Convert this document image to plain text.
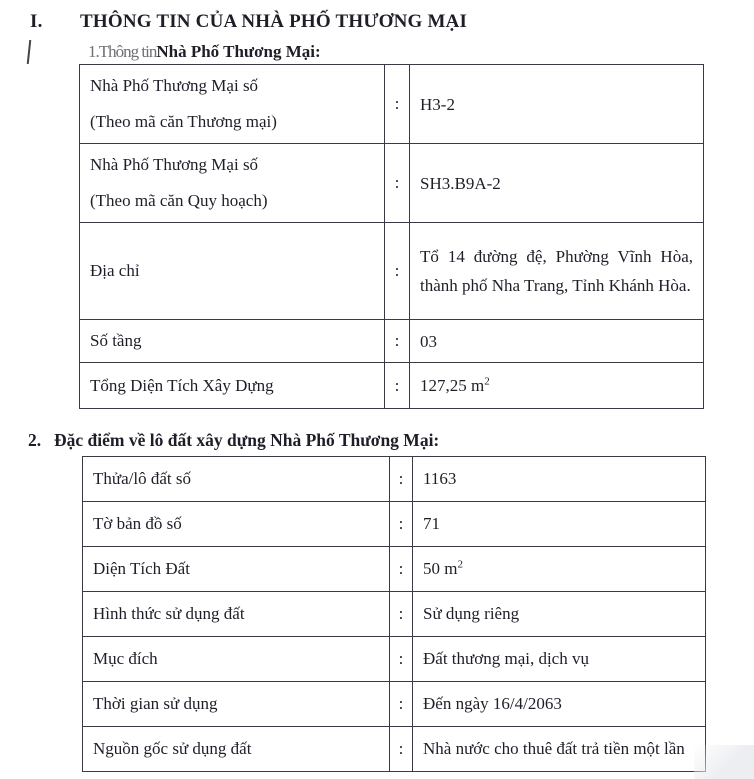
I. THÔNG TIN CỦA NHÀ PHỐ THƯƠNG MẠI
1.Thông tinNhà Phố Thương Mại:
Nhà Phố Thương Mại số
(Theo mã căn Thương mại)	:	H3-2

Nhà Phố Thương Mại số
(Theo mã căn Quy hoạch)	:	SH3.B9A-2
Địa chỉ	:	Tổ 14 đường đệ, Phường Vĩnh Hòa, thành phố Nha Trang, Tỉnh Khánh Hòa.
Số tầng	:	03
Tổng Diện Tích Xây Dựng	:	127,25 $m^2$
2. Đặc điểm về lô đất xây dựng Nhà Phố Thương Mại:
Thửa/lô đất số	:	1163
Tờ bản đồ số	:	71
Diện Tích Đất	:	50 $m^2$
Hình thức sử dụng đất	:	Sử dụng riêng
Mục đích	:	Đất thương mại, dịch vụ
Thời gian sử dụng	:	Đến ngày 16/4/2063
Nguồn gốc sử dụng đất	:	Nhà nước cho thuê đất trả tiền một lần
